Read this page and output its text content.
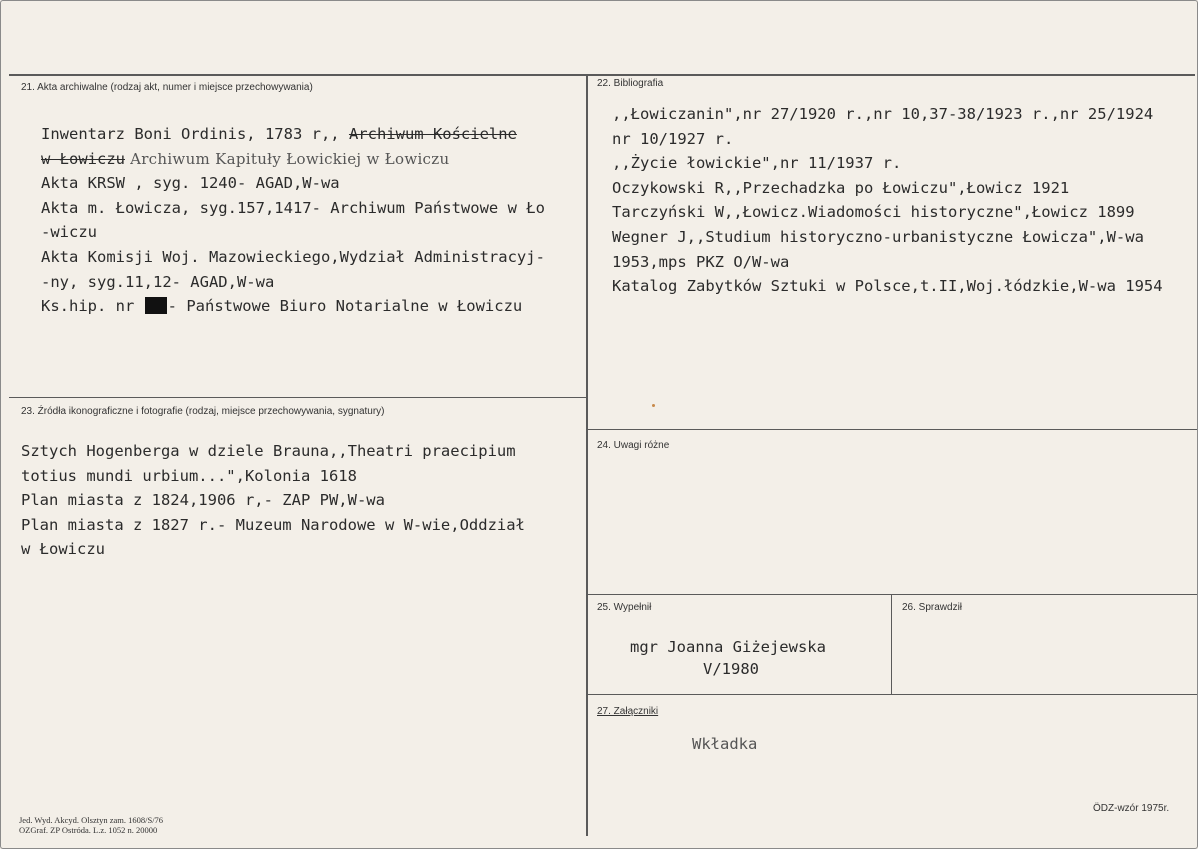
21. Akta archiwalne (rodzaj akt, numer i miejsce przechowywania)
Inwentarz Boni Ordinis, 1783 r,, Archiwum Kościelne
w Łowiczu Archiwum Kapituły Łowickiej w Łowiczu
Akta KRSW , syg. 1240- AGAD,W-wa
Akta m. Łowicza, syg.157,1417- Archiwum Państwowe w Ło
-wiczu
Akta Komisji Woj. Mazowieckiego,Wydział Administracyj-
-ny, syg.11,12- AGAD,W-wa
Ks.hip. nr - Państwowe Biuro Notarialne w Łowiczu
22. Bibliografia
,,Łowiczanin",nr 27/1920 r.,nr 10,37-38/1923 r.,nr 25/1924
nr 10/1927 r.
,,Życie łowickie",nr 11/1937 r.
Oczykowski R,,Przechadzka po Łowiczu",Łowicz 1921
Tarczyński W,,Łowicz.Wiadomości historyczne",Łowicz 1899
Wegner J,,Studium historyczno-urbanistyczne Łowicza",W-wa
1953,mps PKZ O/W-wa
Katalog Zabytków Sztuki w Polsce,t.II,Woj.łódzkie,W-wa 1954
23. Źródła ikonograficzne i fotografie (rodzaj, miejsce przechowywania, sygnatury)
Sztych Hogenberga w dziele Brauna,,Theatri praecipium
totius mundi urbium...",Kolonia 1618
Plan miasta z 1824,1906 r,- ZAP PW,W-wa
Plan miasta z 1827 r.- Muzeum Narodowe w W-wie,Oddział
w Łowiczu
24. Uwagi różne
25. Wypełnił
mgr Joanna Giżejewska
V/1980
26. Sprawdził
27. Załączniki
Wkładka
Jed. Wyd. Akcyd. Olsztyn zam. 1608/S/76
OZGraf. ZP Ostróda. L.z. 1052 n. 20000
ÖDZ-wzór 1975r.
